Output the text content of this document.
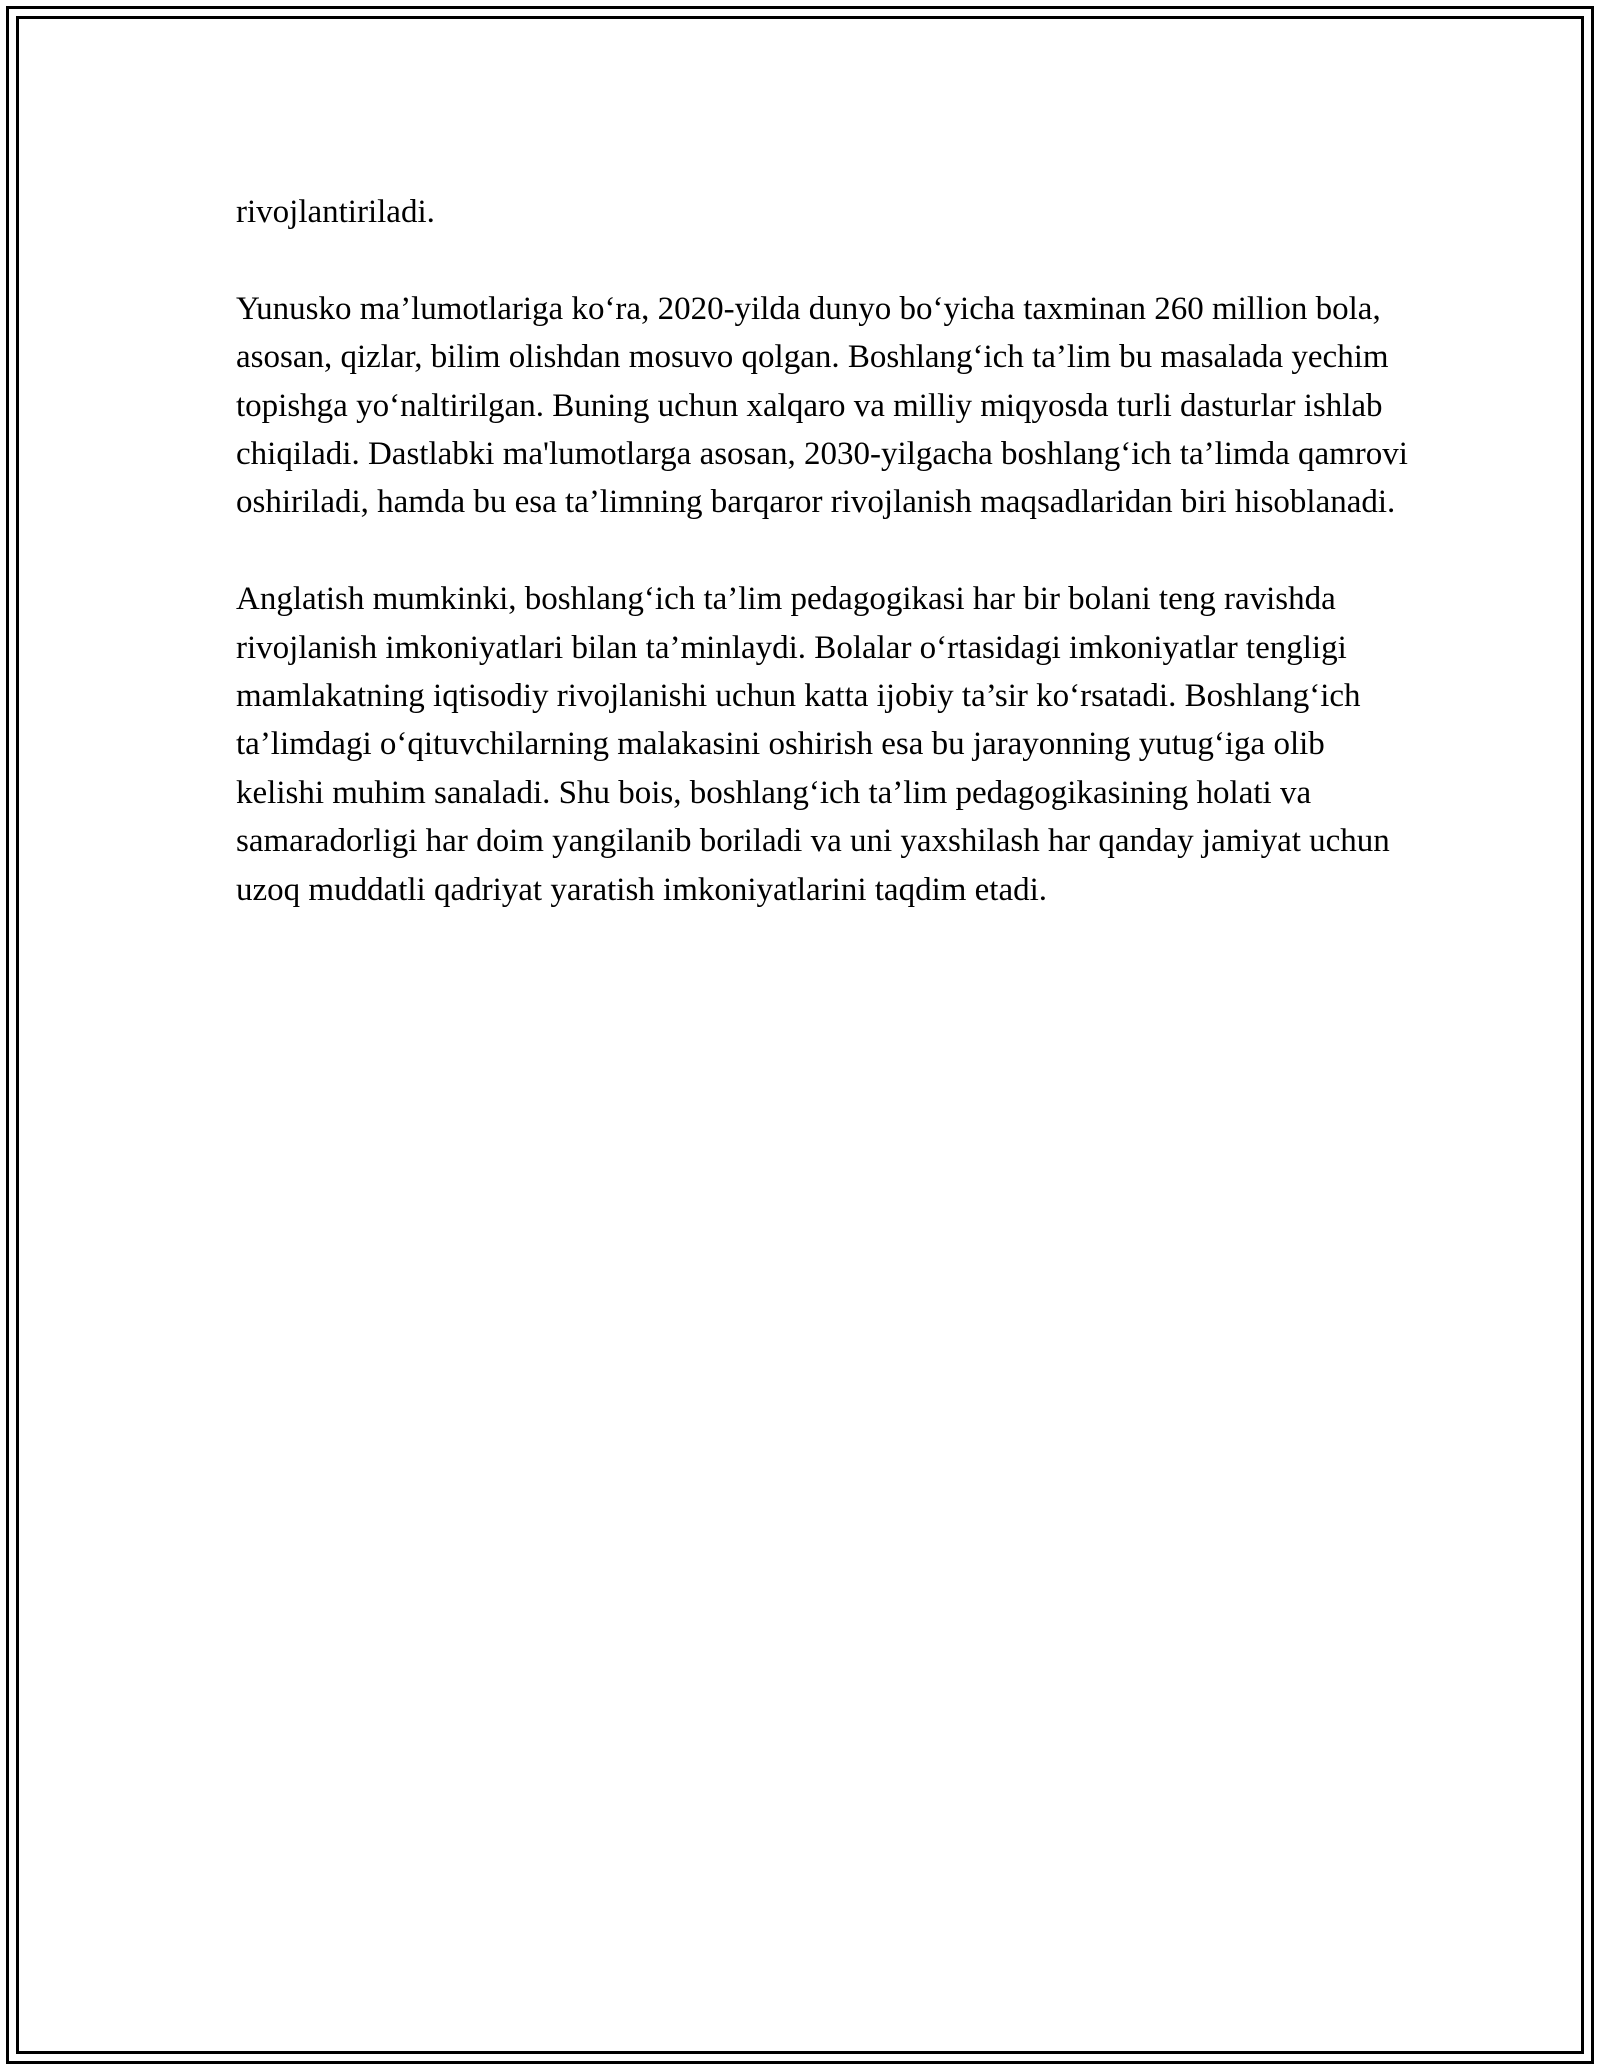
rivojlantiriladi.

Yunusko ma’lumotlariga ko‘ra, 2020-yilda dunyo bo‘yicha taxminan 260 million bola, asosan, qizlar, bilim olishdan mosuvo qolgan. Boshlang‘ich ta’lim bu masalada yechim topishga yo‘naltirilgan. Buning uchun xalqaro va milliy miqyosda turli dasturlar ishlab chiqiladi. Dastlabki ma'lumotlarga asosan, 2030-yilgacha boshlang‘ich ta’limda qamrovi oshiriladi, hamda bu esa ta’limning barqaror rivojlanish maqsadlaridan biri hisoblanadi.

Anglatish mumkinki, boshlang‘ich ta’lim pedagogikasi har bir bolani teng ravishda rivojlanish imkoniyatlari bilan ta’minlaydi. Bolalar o‘rtasidagi imkoniyatlar tengligi mamlakatning iqtisodiy rivojlanishi uchun katta ijobiy ta’sir ko‘rsatadi. Boshlang‘ich ta’limdagi o‘qituvchilarning malakasini oshirish esa bu jarayonning yutug‘iga olib kelishi muhim sanaladi. Shu bois, boshlang‘ich ta’lim pedagogikasining holati va samaradorligi har doim yangilanib boriladi va uni yaxshilash har qanday jamiyat uchun uzoq muddatli qadriyat yaratish imkoniyatlarini taqdim etadi.
